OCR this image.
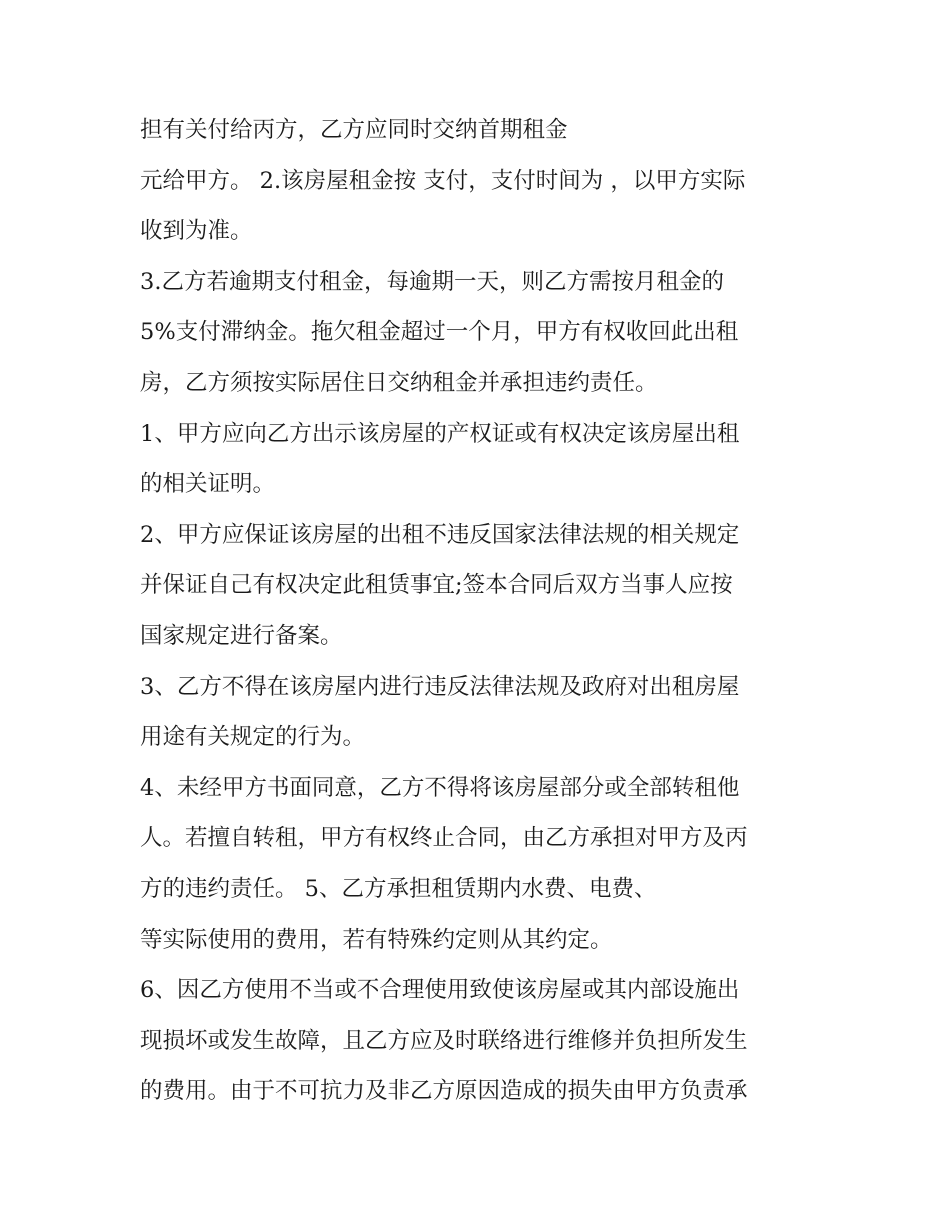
担有关付给丙方，乙方应同时交纳首期租金
元给甲方。 2.该房屋租金按 支付，支付时间为 ，以甲方实际
收到为准。
3.乙方若逾期支付租金，每逾期一天，则乙方需按月租金的
5%支付滞纳金。拖欠租金超过一个月，甲方有权收回此出租
房，乙方须按实际居住日交纳租金并承担违约责任。
1、甲方应向乙方出示该房屋的产权证或有权决定该房屋出租
的相关证明。
2、甲方应保证该房屋的出租不违反国家法律法规的相关规定
并保证自己有权决定此租赁事宜;签本合同后双方当事人应按
国家规定进行备案。
3、乙方不得在该房屋内进行违反法律法规及政府对出租房屋
用途有关规定的行为。
4、未经甲方书面同意，乙方不得将该房屋部分或全部转租他
人。若擅自转租，甲方有权终止合同，由乙方承担对甲方及丙
方的违约责任。 5、乙方承担租赁期内水费、电费、
等实际使用的费用，若有特殊约定则从其约定。
6、因乙方使用不当或不合理使用致使该房屋或其内部设施出
现损坏或发生故障，且乙方应及时联络进行维修并负担所发生
的费用。由于不可抗力及非乙方原因造成的损失由甲方负责承
